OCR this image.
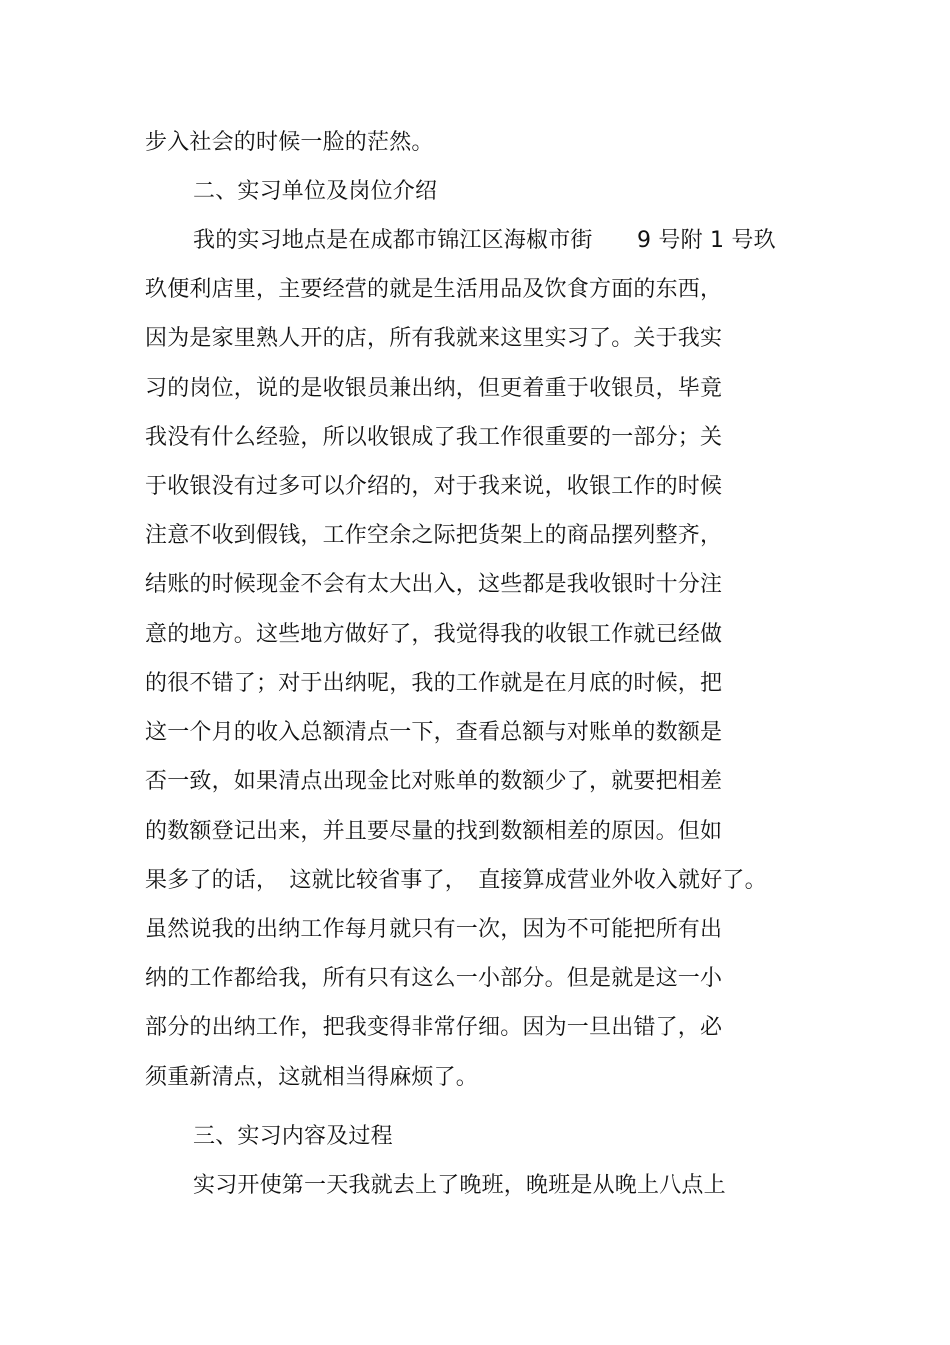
步入社会的时候一脸的茫然。
二、实习单位及岗位介绍
我的实习地点是在成都市锦江区海椒市街　　9 号附 1 号玖
玖便利店里，主要经营的就是生活用品及饮食方面的东西，
因为是家里熟人开的店，所有我就来这里实习了。关于我实
习的岗位，说的是收银员兼出纳，但更着重于收银员，毕竟
我没有什么经验，所以收银成了我工作很重要的一部分；关
于收银没有过多可以介绍的，对于我来说，收银工作的时候
注意不收到假钱，工作空余之际把货架上的商品摆列整齐，
结账的时候现金不会有太大出入，这些都是我收银时十分注
意的地方。这些地方做好了，我觉得我的收银工作就已经做
的很不错了；对于出纳呢，我的工作就是在月底的时候，把
这一个月的收入总额清点一下，查看总额与对账单的数额是
否一致，如果清点出现金比对账单的数额少了，就要把相差
的数额登记出来，并且要尽量的找到数额相差的原因。但如
果多了的话，　这就比较省事了，　直接算成营业外收入就好了。
虽然说我的出纳工作每月就只有一次，因为不可能把所有出
纳的工作都给我，所有只有这么一小部分。但是就是这一小
部分的出纳工作，把我变得非常仔细。因为一旦出错了，必
须重新清点，这就相当得麻烦了。
三、实习内容及过程
实习开使第一天我就去上了晚班，晚班是从晚上八点上
